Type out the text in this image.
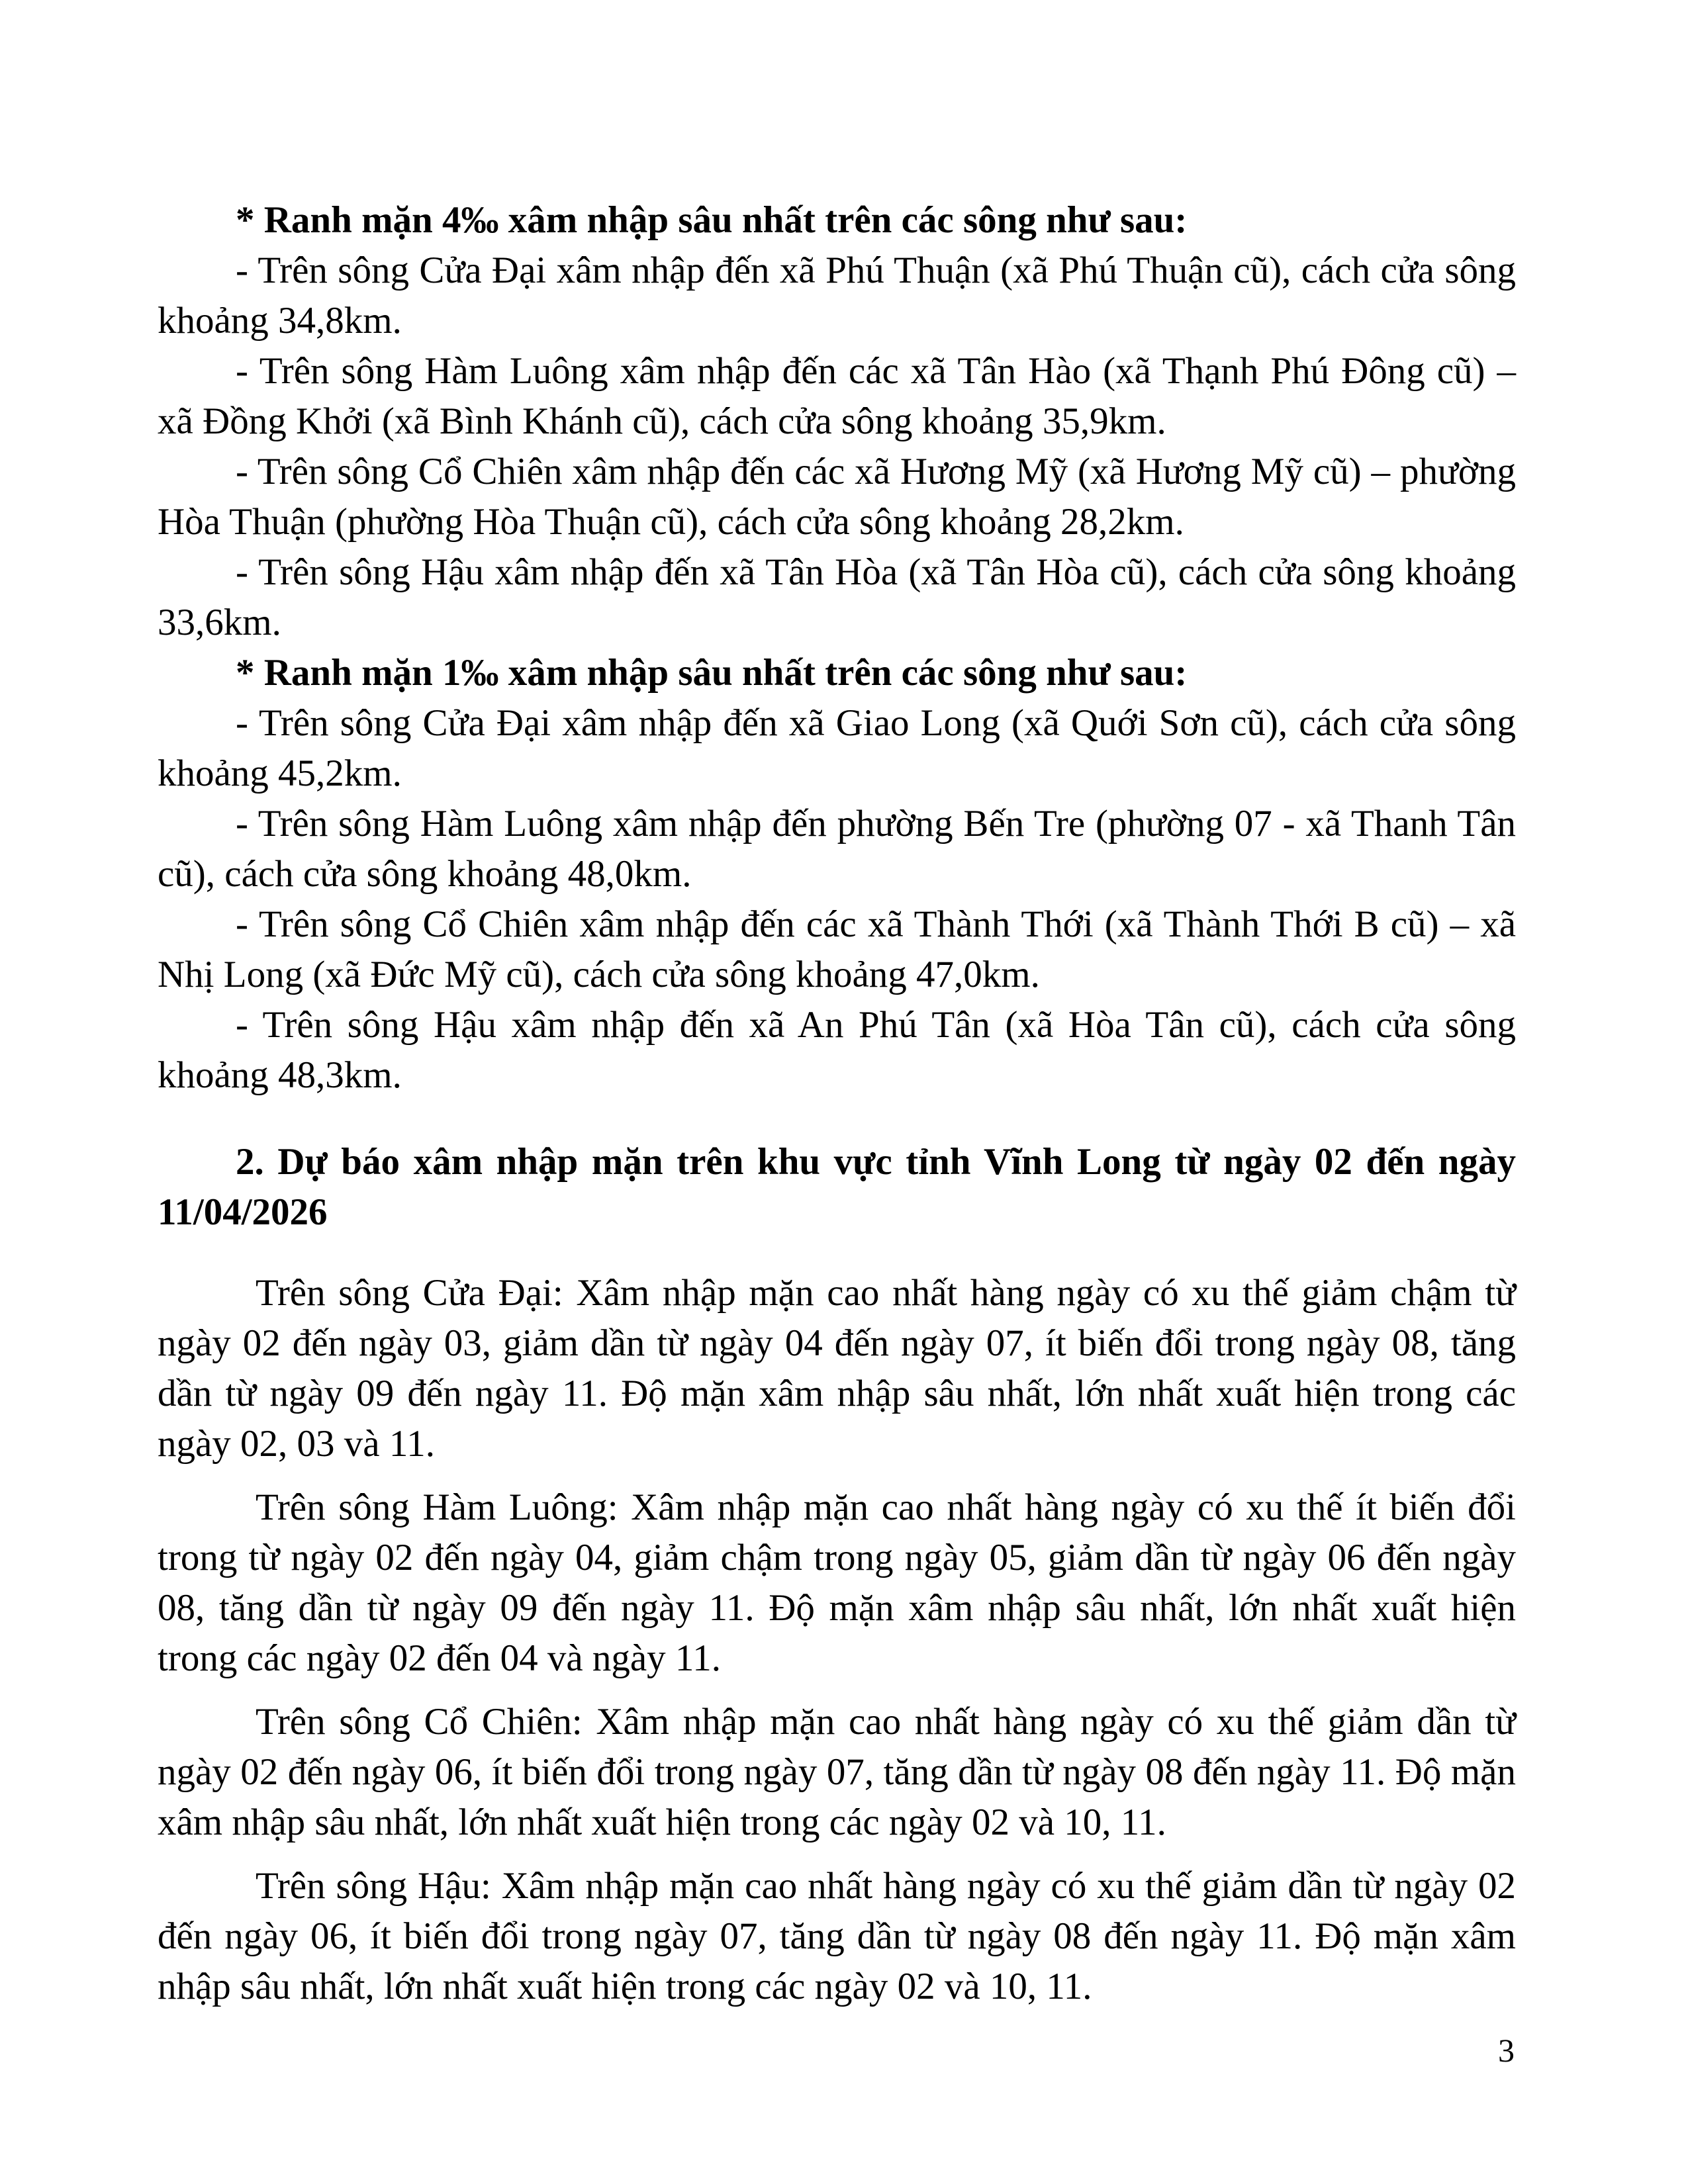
* Ranh mặn 4‰ xâm nhập sâu nhất trên các sông như sau:

- Trên sông Cửa Đại xâm nhập đến xã Phú Thuận (xã Phú Thuận cũ), cách cửa sông khoảng 34,8km.

- Trên sông Hàm Luông xâm nhập đến các xã Tân Hào (xã Thạnh Phú Đông cũ) – xã Đồng Khởi (xã Bình Khánh cũ), cách cửa sông khoảng 35,9km.

- Trên sông Cổ Chiên xâm nhập đến các xã Hương Mỹ (xã Hương Mỹ cũ) – phường Hòa Thuận (phường Hòa Thuận cũ), cách cửa sông khoảng 28,2km.

- Trên sông Hậu xâm nhập đến xã Tân Hòa (xã Tân Hòa cũ), cách cửa sông khoảng 33,6km.

* Ranh mặn 1‰ xâm nhập sâu nhất trên các sông như sau:

- Trên sông Cửa Đại xâm nhập đến xã Giao Long (xã Quới Sơn cũ), cách cửa sông khoảng 45,2km.

- Trên sông Hàm Luông xâm nhập đến phường Bến Tre (phường 07 - xã Thanh Tân cũ), cách cửa sông khoảng 48,0km.

- Trên sông Cổ Chiên xâm nhập đến các xã Thành Thới (xã Thành Thới B cũ) – xã Nhị Long (xã Đức Mỹ cũ), cách cửa sông khoảng 47,0km.

- Trên sông Hậu xâm nhập đến xã An Phú Tân (xã Hòa Tân cũ), cách cửa sông khoảng 48,3km.

2. Dự báo xâm nhập mặn trên khu vực tỉnh Vĩnh Long từ ngày 02 đến ngày 11/04/2026

Trên sông Cửa Đại: Xâm nhập mặn cao nhất hàng ngày có xu thế giảm chậm từ ngày 02 đến ngày 03, giảm dần từ ngày 04 đến ngày 07, ít biến đổi trong ngày 08, tăng dần từ ngày 09 đến ngày 11. Độ mặn xâm nhập sâu nhất, lớn nhất xuất hiện trong các ngày 02, 03 và 11.

Trên sông Hàm Luông: Xâm nhập mặn cao nhất hàng ngày có xu thế ít biến đổi trong từ ngày 02 đến ngày 04, giảm chậm trong ngày 05, giảm dần từ ngày 06 đến ngày 08, tăng dần từ ngày 09 đến ngày 11. Độ mặn xâm nhập sâu nhất, lớn nhất xuất hiện trong các ngày 02 đến 04 và ngày 11.

Trên sông Cổ Chiên: Xâm nhập mặn cao nhất hàng ngày có xu thế giảm dần từ ngày 02 đến ngày 06, ít biến đổi trong ngày 07, tăng dần từ ngày 08 đến ngày 11. Độ mặn xâm nhập sâu nhất, lớn nhất xuất hiện trong các ngày 02 và 10, 11.

Trên sông Hậu: Xâm nhập mặn cao nhất hàng ngày có xu thế giảm dần từ ngày 02 đến ngày 06, ít biến đổi trong ngày 07, tăng dần từ ngày 08 đến ngày 11. Độ mặn xâm nhập sâu nhất, lớn nhất xuất hiện trong các ngày 02 và 10, 11.

3
